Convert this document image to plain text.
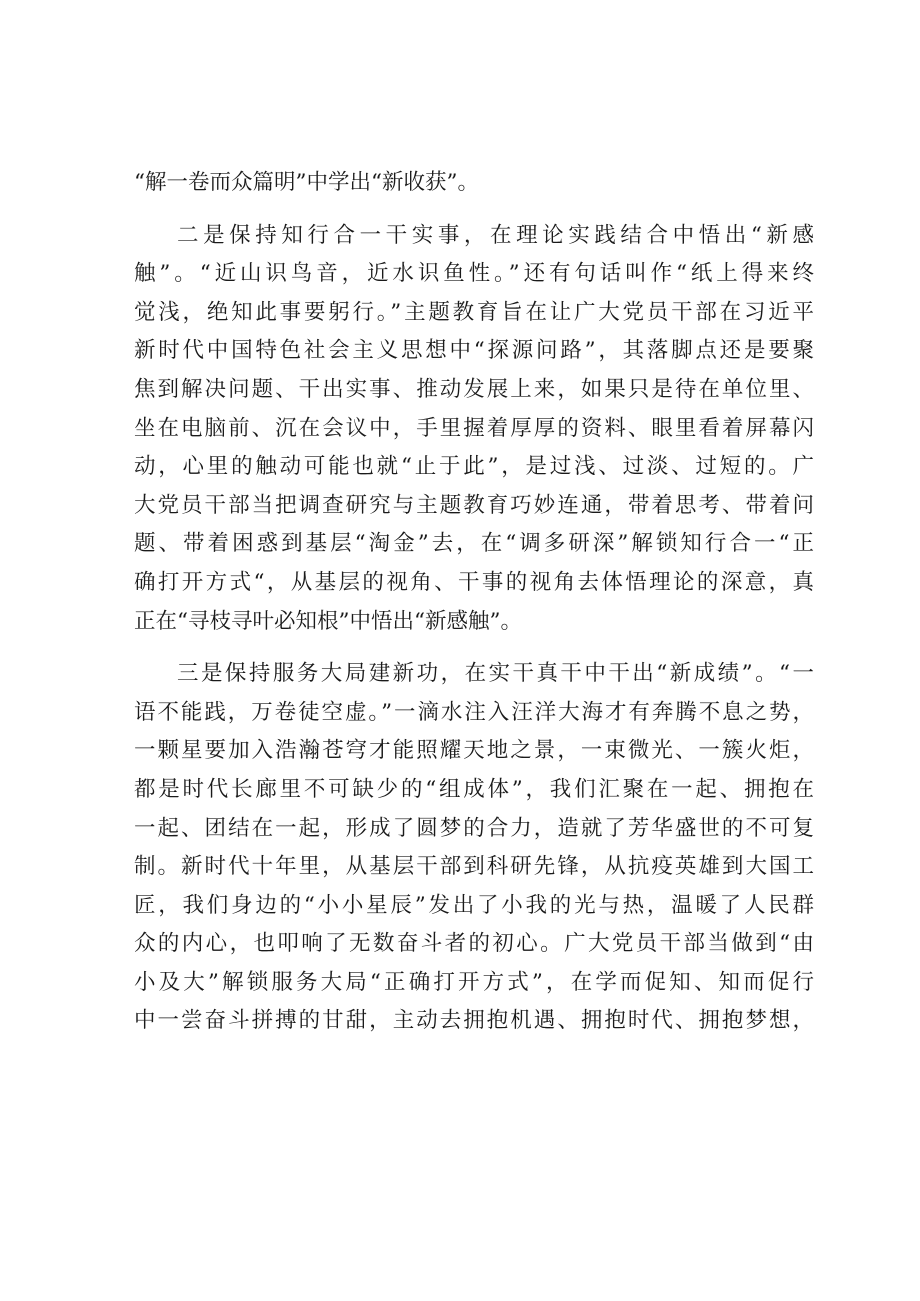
“解一卷而众篇明”中学出“新收获”。
二是保持知行合一干实事，在理论实践结合中悟出“新感
触”。“近山识鸟音，近水识鱼性。”还有句话叫作“纸上得来终
觉浅，绝知此事要躬行。”主题教育旨在让广大党员干部在习近平
新时代中国特色社会主义思想中“探源问路”，其落脚点还是要聚
焦到解决问题、干出实事、推动发展上来，如果只是待在单位里、
坐在电脑前、沉在会议中，手里握着厚厚的资料、眼里看着屏幕闪
动，心里的触动可能也就“止于此”，是过浅、过淡、过短的。广
大党员干部当把调查研究与主题教育巧妙连通，带着思考、带着问
题、带着困惑到基层“淘金”去，在“调多研深”解锁知行合一“正
确打开方式“，从基层的视角、干事的视角去体悟理论的深意，真
正在“寻枝寻叶必知根”中悟出“新感触”。
三是保持服务大局建新功，在实干真干中干出“新成绩”。“一
语不能践，万卷徒空虚。”一滴水注入汪洋大海才有奔腾不息之势，
一颗星要加入浩瀚苍穹才能照耀天地之景，一束微光、一簇火炬，
都是时代长廊里不可缺少的“组成体”，我们汇聚在一起、拥抱在
一起、团结在一起，形成了圆梦的合力，造就了芳华盛世的不可复
制。新时代十年里，从基层干部到科研先锋，从抗疫英雄到大国工
匠，我们身边的“小小星辰”发出了小我的光与热，温暖了人民群
众的内心，也叩响了无数奋斗者的初心。广大党员干部当做到“由
小及大”解锁服务大局“正确打开方式”，在学而促知、知而促行
中一尝奋斗拼搏的甘甜，主动去拥抱机遇、拥抱时代、拥抱梦想，
